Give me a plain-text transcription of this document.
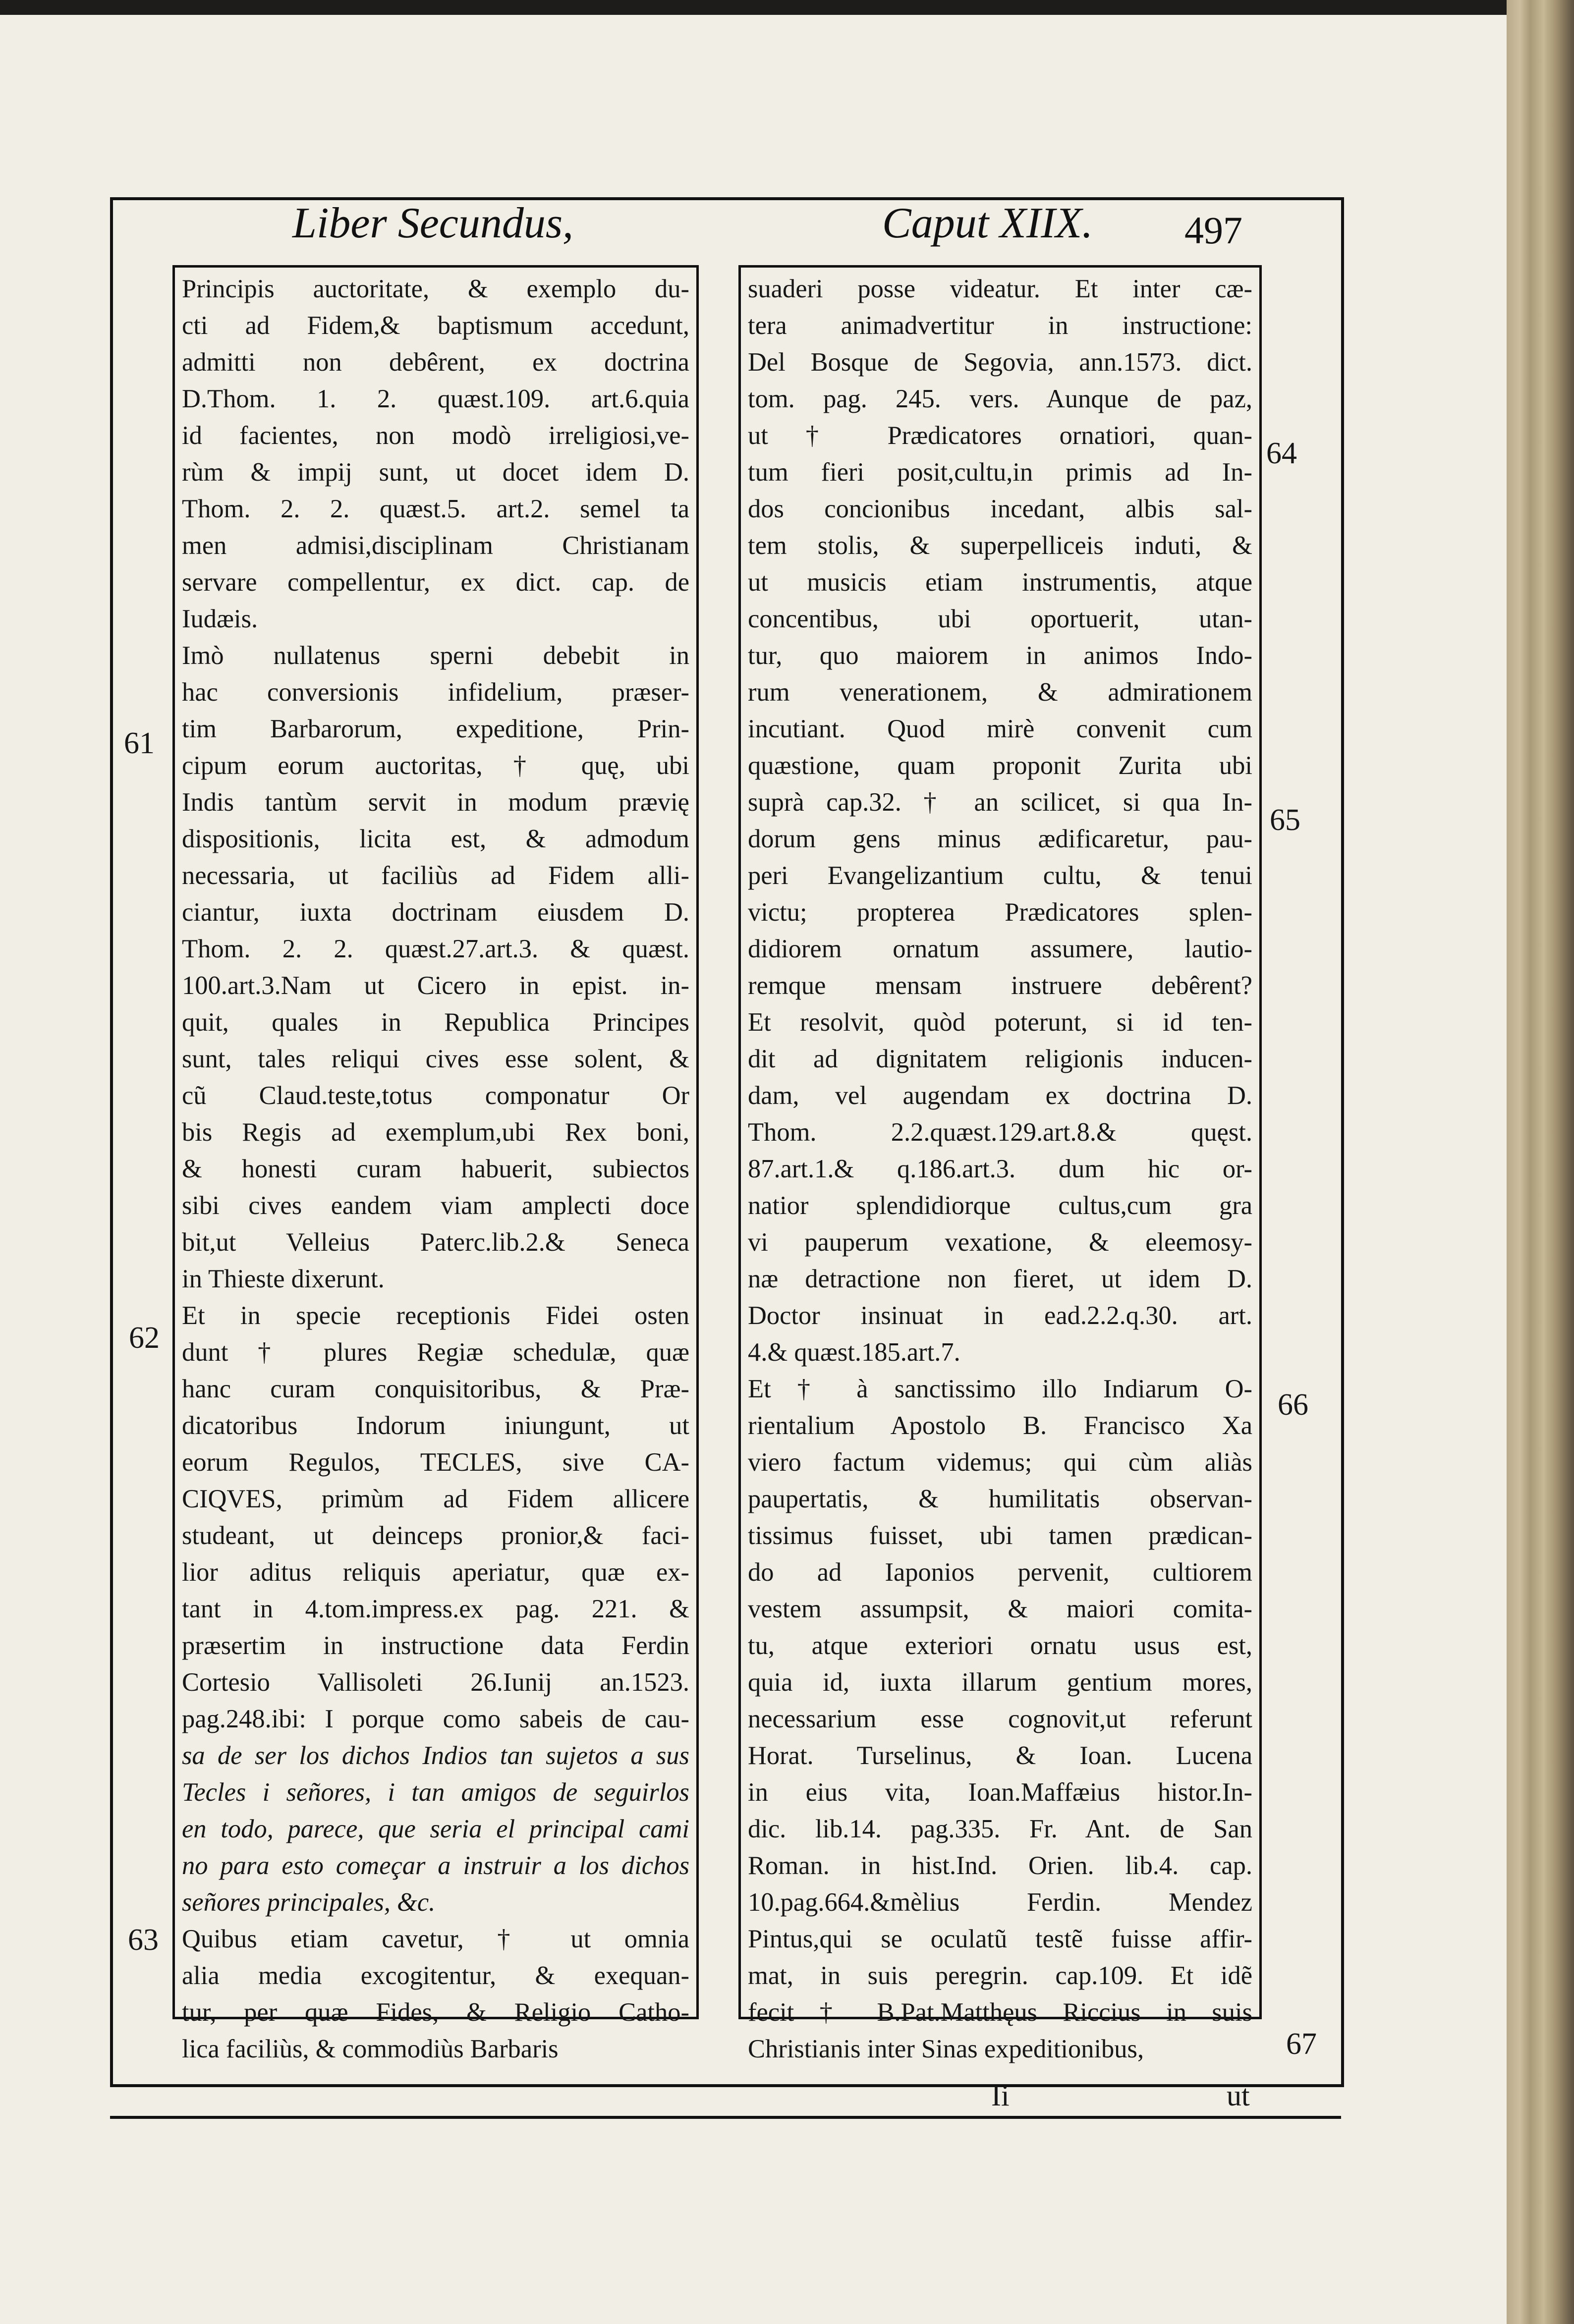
Liber Secundus,	Caput XIIX. 497
Principis auctoritate, & exemplo du-
cti ad Fidem,& baptismum accedunt,
admitti non debêrent, ex doctrina
D.Thom. 1. 2. quæst.109. art.6.quia
id facientes, non modò irreligiosi,ve-
rùm & impij sunt, ut docet idem D.
Thom. 2. 2. quæst.5. art.2. semel ta
men admisi,disciplinam Christianam
servare compellentur, ex dict. cap. de
Iudæis.
Imò nullatenus sperni debebit in
hac conversionis infidelium, præser-
tim Barbarorum, expeditione, Prin-
cipum eorum auctoritas, † quę, ubi
Indis tantùm servit in modum prævię
dispositionis, licita est, & admodum
necessaria, ut faciliùs ad Fidem alli-
ciantur, iuxta doctrinam eiusdem D.
Thom. 2. 2. quæst.27.art.3. & quæst.
100.art.3.Nam ut Cicero in epist. in-
quit, quales in Republica Principes
sunt, tales reliqui cives esse solent, &
cũ Claud.teste,totus componatur Or
bis Regis ad exemplum,ubi Rex boni,
& honesti curam habuerit, subiectos
sibi cives eandem viam amplecti doce
bit,ut Velleius Paterc.lib.2.& Seneca
in Thieste dixerunt.
Et in specie receptionis Fidei osten
dunt † plures Regiæ schedulæ, quæ
hanc curam conquisitoribus, & Præ-
dicatoribus Indorum iniungunt, ut
eorum Regulos, TECLES, sive CA-
CIQVES, primùm ad Fidem allicere
studeant, ut deinceps pronior,& faci-
lior aditus reliquis aperiatur, quæ ex-
tant in 4.tom.impress.ex pag. 221. &
præsertim in instructione data Ferdin
Cortesio Vallisoleti 26.Iunij an.1523.
pag.248.ibi: I porque como sabeis de cau-
sa de ser los dichos Indios tan sujetos a sus
Tecles i señores, i tan amigos de seguirlos
en todo, parece, que seria el principal cami
no para esto começar a instruir a los dichos
señores principales, &c.
Quibus etiam cavetur, † ut omnia
alia media excogitentur, & exequan-
tur, per quæ Fides, & Religio Catho-
lica faciliùs, & commodiùs Barbaris
suaderi posse videatur. Et inter cæ-
tera animadvertitur in instructione:
Del Bosque de Segovia, ann.1573. dict.
tom. pag. 245. vers. Aunque de paz,
ut † Prædicatores ornatiori, quan-
tum fieri posit,cultu,in primis ad In-
dos concionibus incedant, albis sal-
tem stolis, & superpelliceis induti, &
ut musicis etiam instrumentis, atque
concentibus, ubi oportuerit, utan-
tur, quo maiorem in animos Indo-
rum venerationem, & admirationem
incutiant. Quod mirè convenit cum
quæstione, quam proponit Zurita ubi
suprà cap.32. † an scilicet, si qua In-
dorum gens minus ædificaretur, pau-
peri Evangelizantium cultu, & tenui
victu; propterea Prædicatores splen-
didiorem ornatum assumere, lautio-
remque mensam instruere debêrent?
Et resolvit, quòd poterunt, si id ten-
dit ad dignitatem religionis inducen-
dam, vel augendam ex doctrina D.
Thom. 2.2.quæst.129.art.8.& quęst.
87.art.1.& q.186.art.3. dum hic or-
natior splendidiorque cultus,cum gra
vi pauperum vexatione, & eleemosy-
næ detractione non fieret, ut idem D.
Doctor insinuat in ead.2.2.q.30. art.
4.& quæst.185.art.7.
Et † à sanctissimo illo Indiarum O-
rientalium Apostolo B. Francisco Xa
viero factum videmus; qui cùm aliàs
paupertatis, & humilitatis observan-
tissimus fuisset, ubi tamen prædican-
do ad Iaponios pervenit, cultiorem
vestem assumpsit, & maiori comita-
tu, atque exteriori ornatu usus est,
quia id, iuxta illarum gentium mores,
necessarium esse cognovit,ut referunt
Horat. Turselinus, & Ioan. Lucena
in eius vita, Ioan.Maffæius histor.In-
dic. lib.14. pag.335. Fr. Ant. de San
Roman. in hist.Ind. Orien. lib.4. cap.
10.pag.664.&mèlius Ferdin. Mendez
Pintus,qui se oculatũ testẽ fuisse affir-
mat, in suis peregrin. cap.109. Et idẽ
fecit † B.Pat.Matthęus Riccius in suis
Christianis inter Sinas expeditionibus,
61
62
63
64
65
66
67
Ii	ut
